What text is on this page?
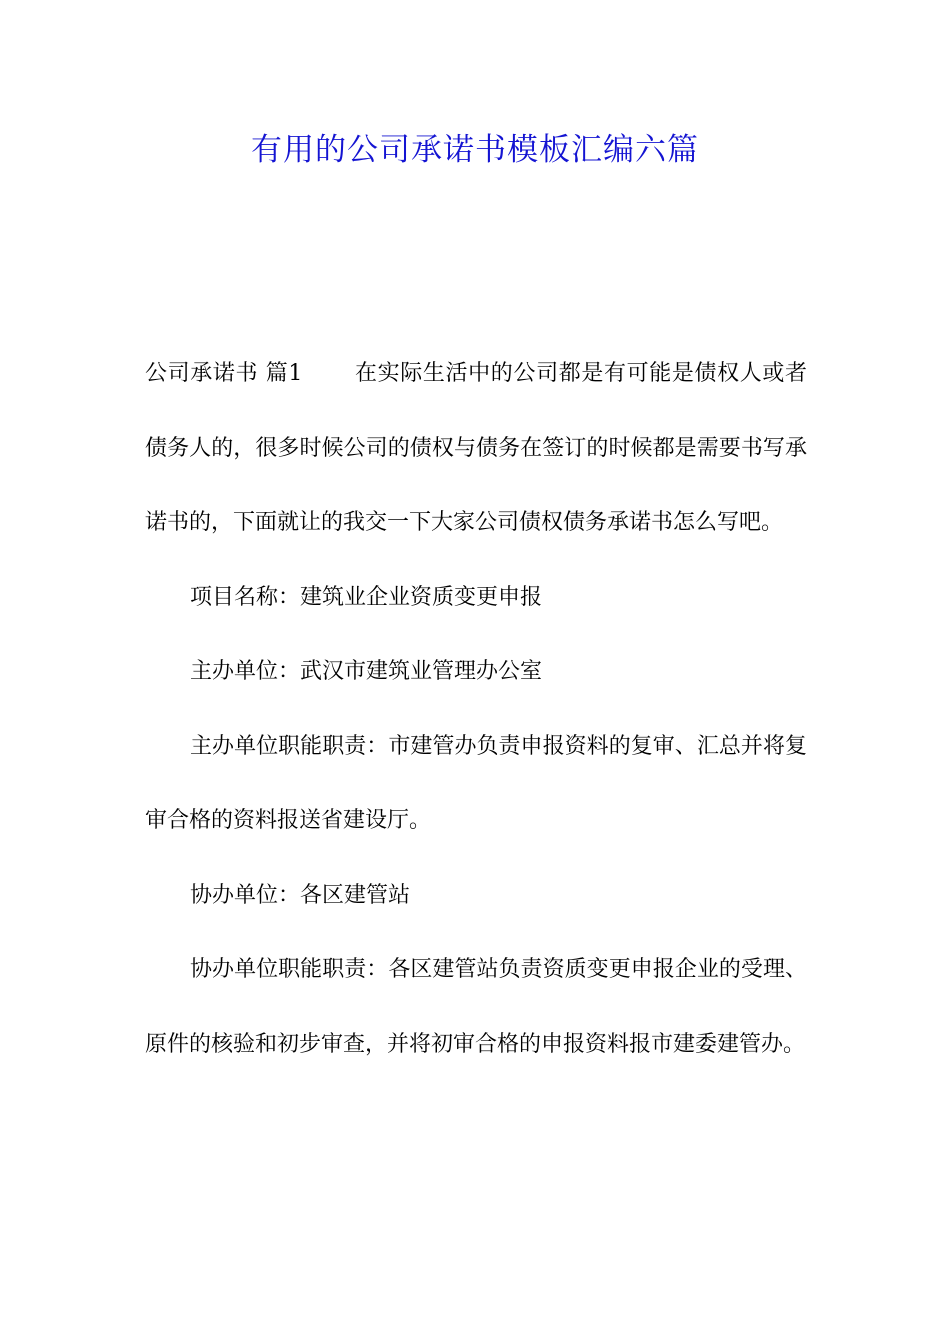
有用的公司承诺书模板汇编六篇

公司承诺书 篇1 在实际生活中的公司都是有可能是债权人或者债务人的，很多时候公司的债权与债务在签订的时候都是需要书写承诺书的，下面就让的我交一下大家公司债权债务承诺书怎么写吧。

项目名称：建筑业企业资质变更申报

主办单位：武汉市建筑业管理办公室

主办单位职能职责：市建管办负责申报资料的复审、汇总并将复审合格的资料报送省建设厅。

协办单位：各区建管站

协办单位职能职责：各区建管站负责资质变更申报企业的受理、原件的核验和初步审查，并将初审合格的申报资料报市建委建管办。
